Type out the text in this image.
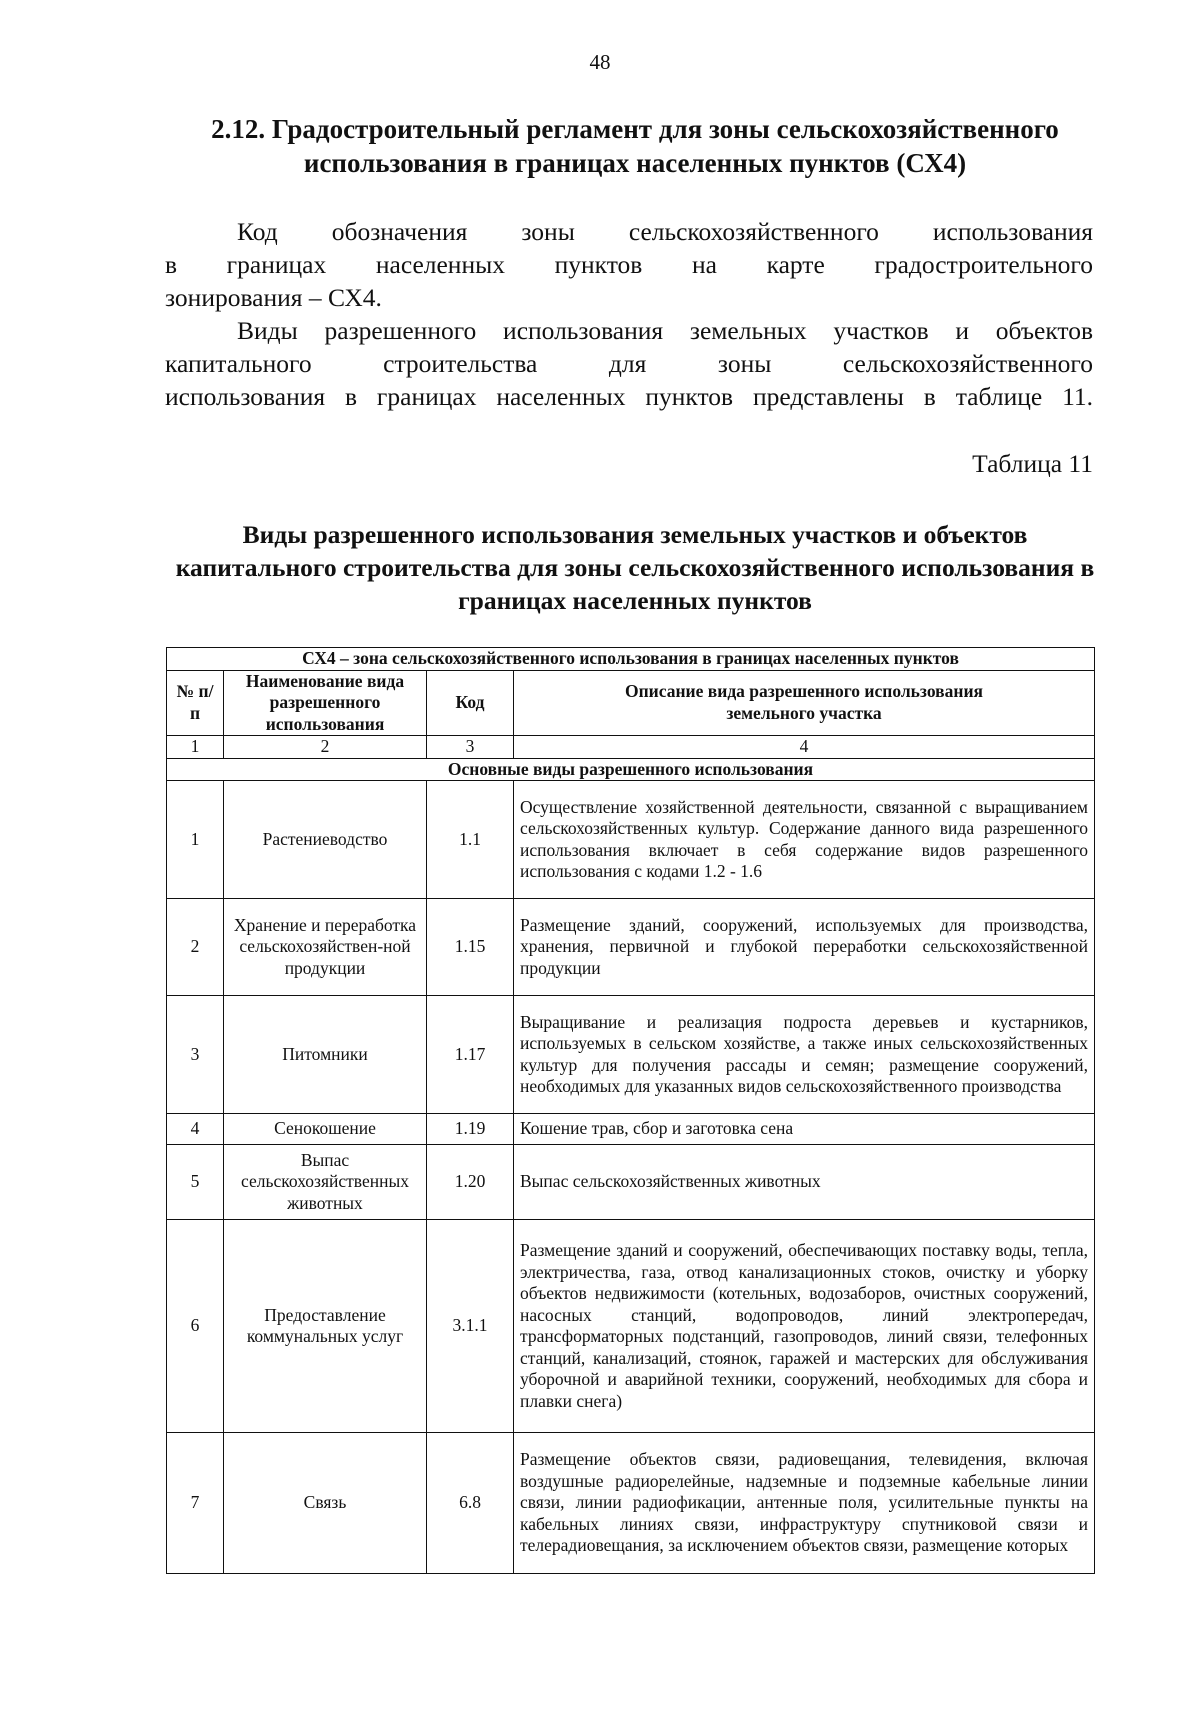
48
2.12. Градостроительный регламент для зоны сельскохозяйственного использования в границах населенных пунктов (СХ4)
Код обозначения зоны сельскохозяйственного использования
в границах населенных пунктов на карте градостроительного
зонирования – СХ4.
Виды разрешенного использования земельных участков и объектов
капитального строительства для зоны сельскохозяйственного
использования в границах населенных пунктов представлены в таблице 11.
Таблица 11
Виды разрешенного использования земельных участков и объектов капитального строительства для зоны сельскохозяйственного использования в границах населенных пунктов
СХ4 – зона сельскохозяйственного использования в границах населенных пунктов			
№ п/п	Наименование вида разрешенного использования	Код	Описание вида разрешенного использования земельного участка
1	2	3	4
Основные виды разрешенного использования			
1	Растениеводство	1.1	Осуществление хозяйственной деятельности, связанной с выращиванием сельскохозяйственных культур. Содержание данного вида разрешенного использования включает в себя содержание видов разрешенного использования с кодами 1.2 - 1.6
2	Хранение и переработка сельскохозяйствен-ной продукции	1.15	Размещение зданий, сооружений, используемых для производства, хранения, первичной и глубокой переработки сельскохозяйственной продукции
3	Питомники	1.17	Выращивание и реализация подроста деревьев и кустарников, используемых в сельском хозяйстве, а также иных сельскохозяйственных культур для получения рассады и семян; размещение сооружений, необходимых для указанных видов сельскохозяйственного производства
4	Сенокошение	1.19	Кошение трав, сбор и заготовка сена
5	Выпас сельскохозяйственных животных	1.20	Выпас сельскохозяйственных животных
6	Предоставление коммунальных услуг	3.1.1	Размещение зданий и сооружений, обеспечивающих поставку воды, тепла, электричества, газа, отвод канализационных стоков, очистку и уборку объектов недвижимости (котельных, водозаборов, очистных сооружений, насосных станций, водопроводов, линий электропередач, трансформаторных подстанций, газопроводов, линий связи, телефонных станций, канализаций, стоянок, гаражей и мастерских для обслуживания уборочной и аварийной техники, сооружений, необходимых для сбора и плавки снега)
7	Связь	6.8	Размещение объектов связи, радиовещания, телевидения, включая воздушные радиорелейные, надземные и подземные кабельные линии связи, линии радиофикации, антенные поля, усилительные пункты на кабельных линиях связи, инфраструктуру спутниковой связи и телерадиовещания, за исключением объектов связи, размещение которых
